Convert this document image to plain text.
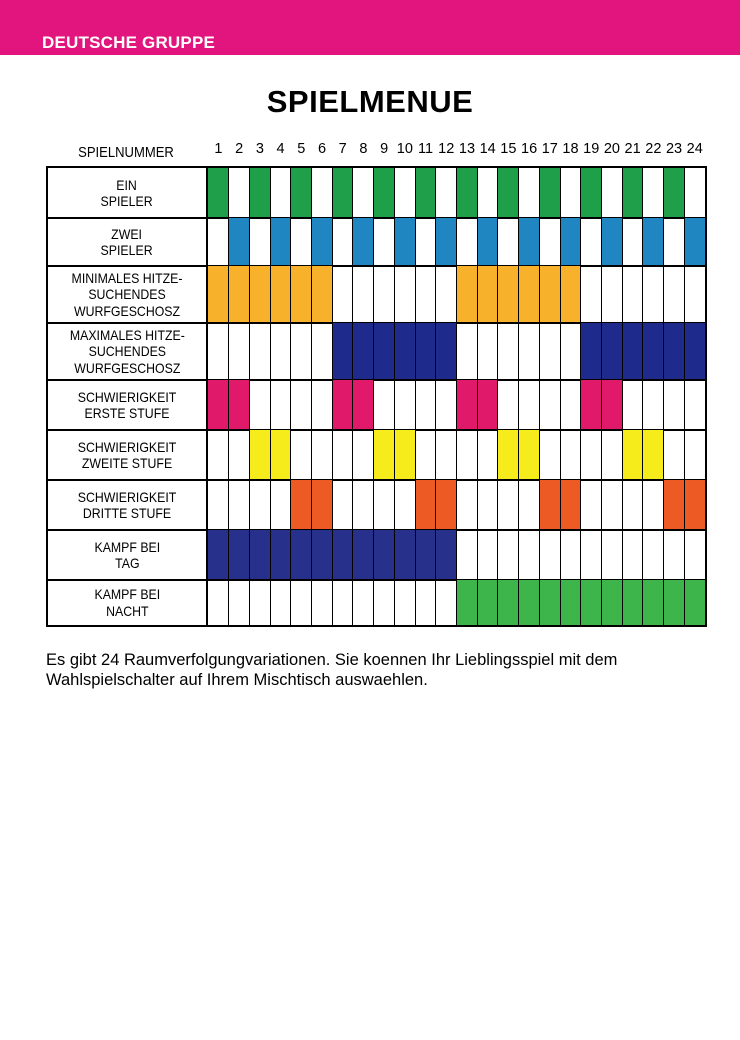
DEUTSCHE GRUPPE
SPIELMENUE
SPIELNUMMER	1 2 3 4 5 6 7 8 9 10 11 12 13 14 15 16 17 18 19 20 21 22 23 24
EIN
SPIELER
ZWEI
SPIELER
MINIMALES HITZE-
SUCHENDES
WURFGESCHOSZ
MAXIMALES HITZE-
SUCHENDES
WURFGESCHOSZ
SCHWIERIGKEIT
ERSTE STUFE
SCHWIERIGKEIT
ZWEITE STUFE
SCHWIERIGKEIT
DRITTE STUFE
KAMPF BEI
TAG
KAMPF BEI
NACHT
Es gibt 24 Raumverfolgungvariationen. Sie koennen Ihr Lieblingsspiel mit dem Wahlspielschalter auf Ihrem Mischtisch auswaehlen.
